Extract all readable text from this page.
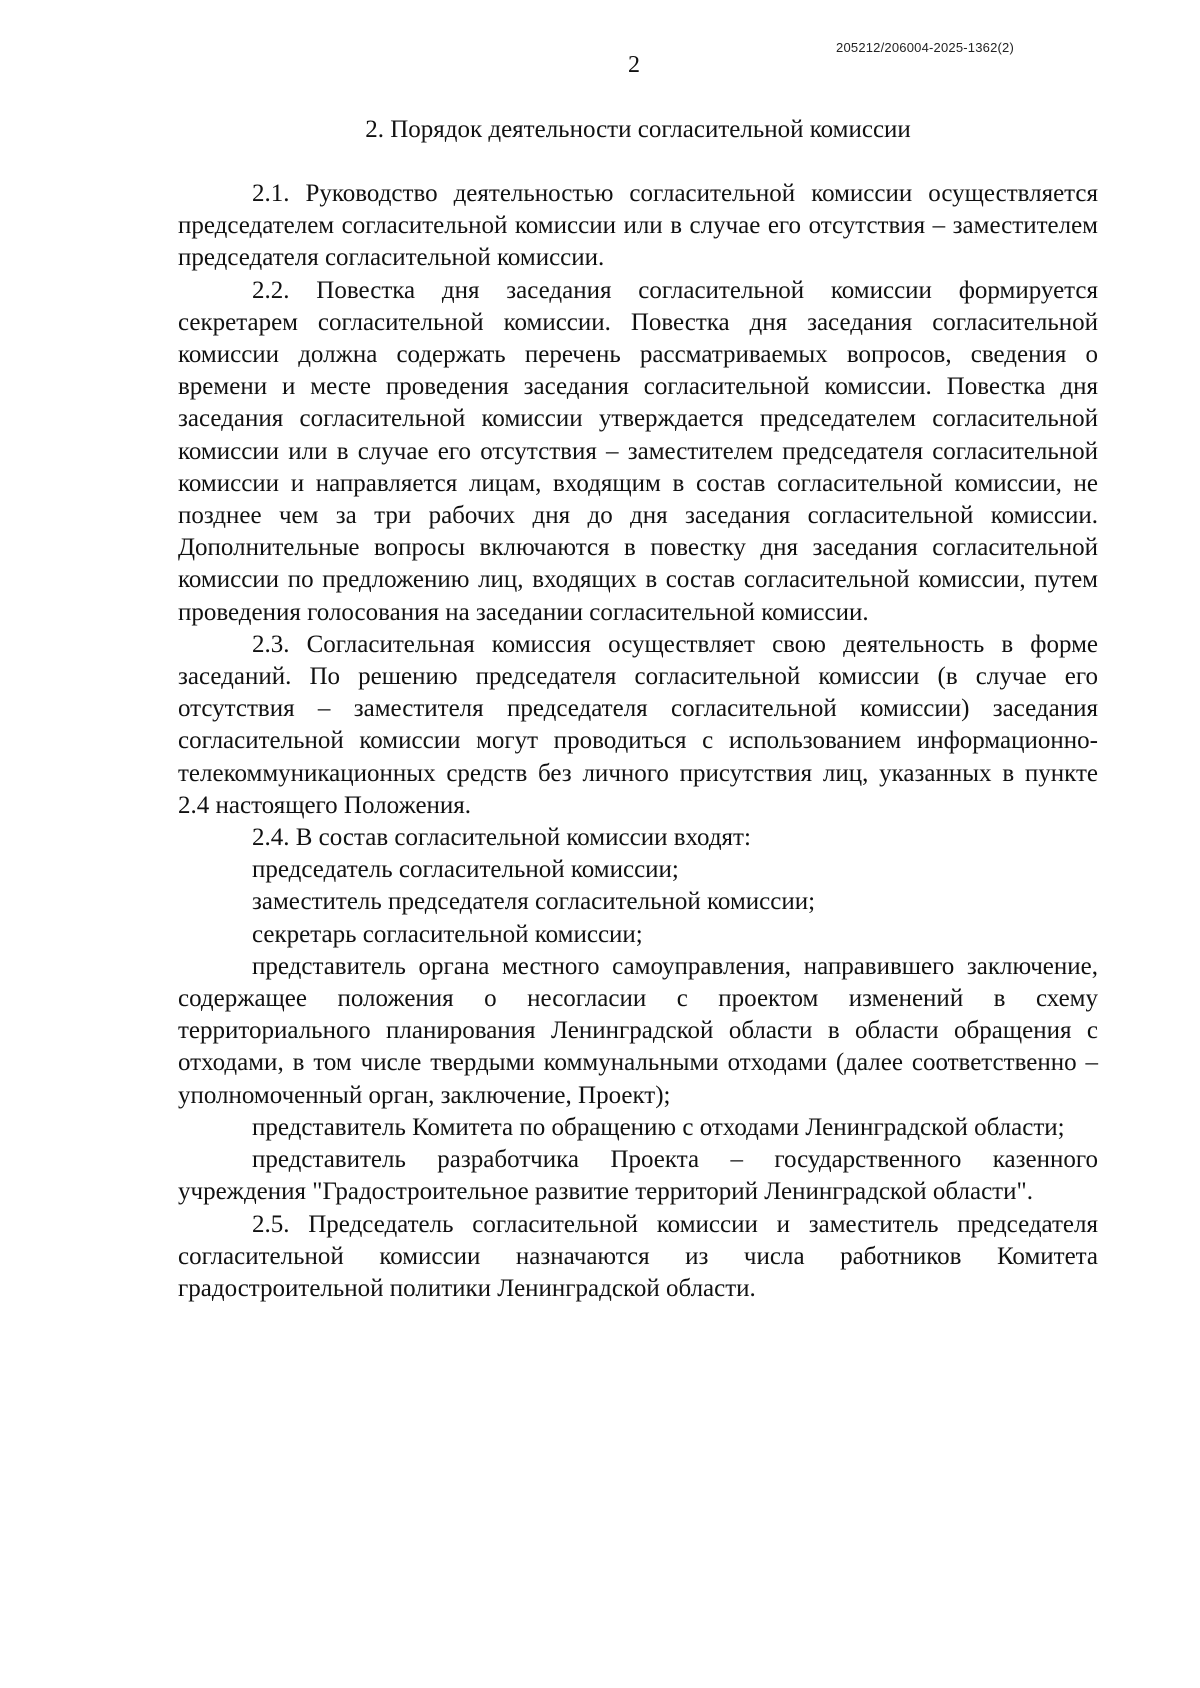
205212/206004-2025-1362(2)
2
2. Порядок деятельности согласительной комиссии

2.1. Руководство деятельностью согласительной комиссии осуществляется председателем согласительной комиссии или в случае его отсутствия – заместителем председателя согласительной комиссии.

2.2. Повестка дня заседания согласительной комиссии формируется секретарем согласительной комиссии. Повестка дня заседания согласительной комиссии должна содержать перечень рассматриваемых вопросов, сведения о времени и месте проведения заседания согласительной комиссии. Повестка дня заседания согласительной комиссии утверждается председателем согласительной комиссии или в случае его отсутствия – заместителем председателя согласительной комиссии и направляется лицам, входящим в состав согласительной комиссии, не позднее чем за три рабочих дня до дня заседания согласительной комиссии. Дополнительные вопросы включаются в повестку дня заседания согласительной комиссии по предложению лиц, входящих в состав согласительной комиссии, путем проведения голосования на заседании согласительной комиссии.

2.3. Согласительная комиссия осуществляет свою деятельность в форме заседаний. По решению председателя согласительной комиссии (в случае его отсутствия – заместителя председателя согласительной комиссии) заседания согласительной комиссии могут проводиться с использованием информационно-телекоммуникационных средств без личного присутствия лиц, указанных в пункте 2.4 настоящего Положения.

2.4. В состав согласительной комиссии входят:

председатель согласительной комиссии;

заместитель председателя согласительной комиссии;

секретарь согласительной комиссии;

представитель органа местного самоуправления, направившего заключение, содержащее положения о несогласии с проектом изменений в схему территориального планирования Ленинградской области в области обращения с отходами, в том числе твердыми коммунальными отходами (далее соответственно – уполномоченный орган, заключение, Проект);

представитель Комитета по обращению с отходами Ленинградской области;

представитель разработчика Проекта – государственного казенного учреждения "Градостроительное развитие территорий Ленинградской области".

2.5. Председатель согласительной комиссии и заместитель председателя согласительной комиссии назначаются из числа работников Комитета градостроительной политики Ленинградской области.
